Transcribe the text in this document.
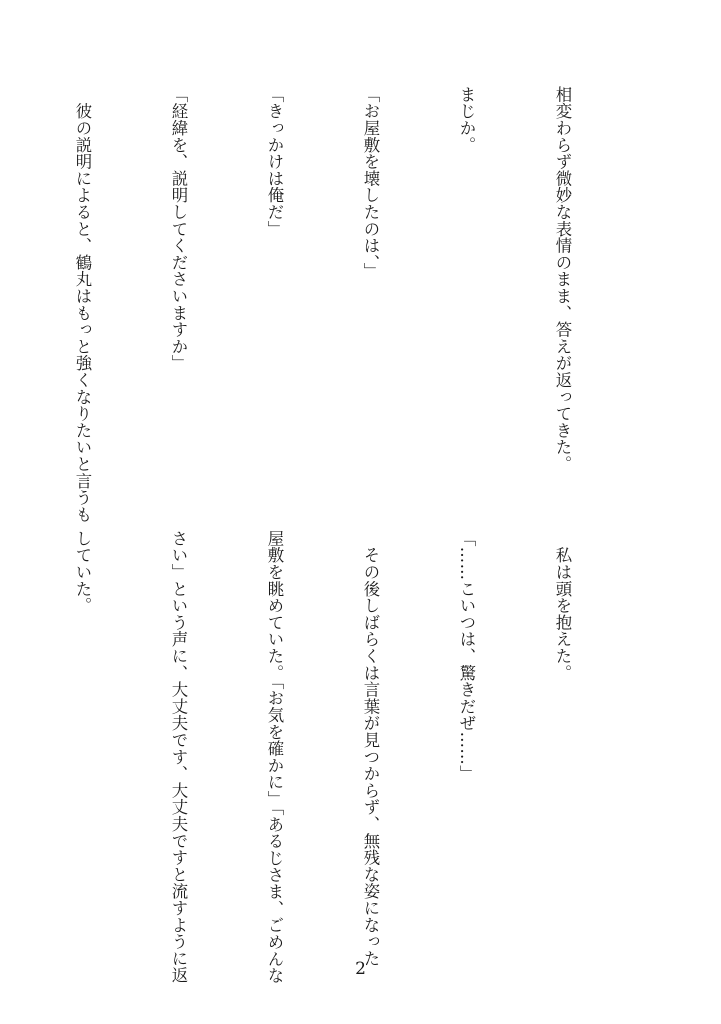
相変わらず微妙な表情のまま、答えが返ってきた。

まじか。

「お屋敷を壊したのは、」

「きっかけは俺だ」

「経緯を、説明してくださいますか」

　彼の説明によると、鶴丸はもっと強くなりたいと言うも

　私は頭を抱えた。

「……こいつは、驚きだぜ……」

　その後しばらくは言葉が見つからず、無残な姿になった

屋敷を眺めていた。「お気を確かに」「あるじさま、ごめんな

さい」という声に、大丈夫です、大丈夫ですと流すように返

していた。

2
